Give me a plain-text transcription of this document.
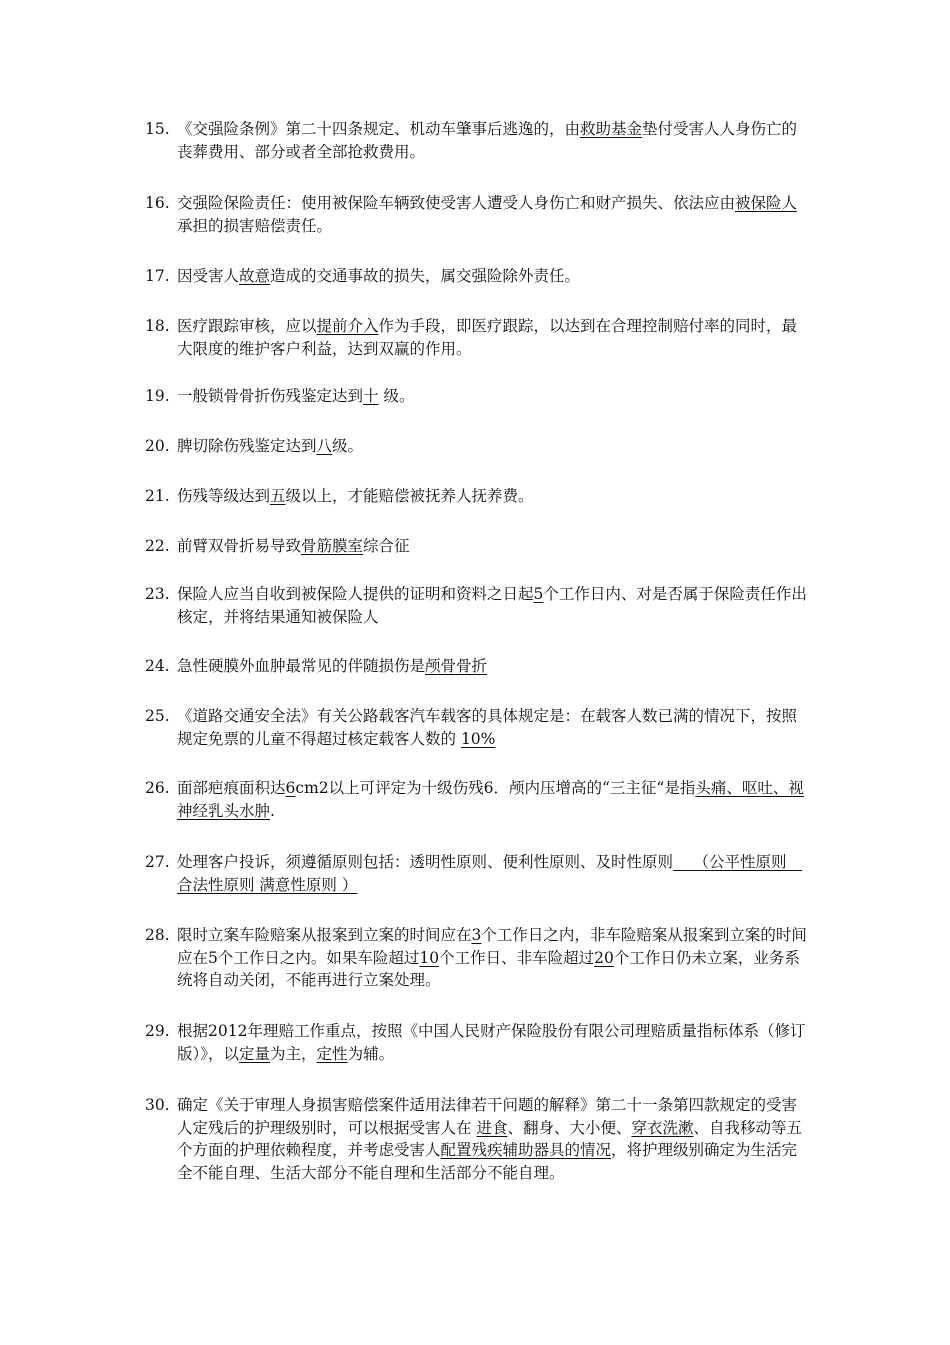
15. 《交强险条例》第二十四条规定、机动车肇事后逃逸的，由救助基金垫付受害人人身伤亡的丧葬费用、部分或者全部抢救费用。
16. 交强险保险责任：使用被保险车辆致使受害人遭受人身伤亡和财产损失、依法应由被保险人承担的损害赔偿责任。
17. 因受害人故意造成的交通事故的损失，属交强险除外责任。
18. 医疗跟踪审核，应以提前介入作为手段，即医疗跟踪，以达到在合理控制赔付率的同时，最大限度的维护客户利益，达到双赢的作用。
19. 一般锁骨骨折伤残鉴定达到十 级。
20. 脾切除伤残鉴定达到八级。
21. 伤残等级达到五级以上，才能赔偿被抚养人抚养费。
22. 前臂双骨折易导致骨筋膜室综合征
23. 保险人应当自收到被保险人提供的证明和资料之日起5个工作日内、对是否属于保险责任作出核定，并将结果通知被保险人
24. 急性硬膜外血肿最常见的伴随损伤是颅骨骨折
25. 《道路交通安全法》有关公路载客汽车载客的具体规定是：在载客人数已满的情况下，按照规定免票的儿童不得超过核定载客人数的 10%
26. 面部疤痕面积达6cm2以上可评定为十级伤残6．颅内压增高的“三主征“是指头痛、呕吐、视神经乳头水肿.
27. 处理客户投诉，须遵循原则包括：透明性原则、便利性原则、及时性原则　 （公平性原则　合法性原则 满意性原则 ）
28. 限时立案车险赔案从报案到立案的时间应在3个工作日之内，非车险赔案从报案到立案的时间应在5个工作日之内。如果车险超过10个工作日、非车险超过20个工作日仍未立案，业务系统将自动关闭，不能再进行立案处理。
29. 根据2012年理赔工作重点，按照《中国人民财产保险股份有限公司理赔质量指标体系（修订版）》，以定量为主，定性为辅。
30. 确定《关于审理人身损害赔偿案件适用法律若干问题的解释》第二十一条第四款规定的受害人定残后的护理级别时，可以根据受害人在 进食、翻身、大小便、穿衣洗漱、自我移动等五个方面的护理依赖程度，并考虑受害人配置残疾辅助器具的情况，将护理级别确定为生活完全不能自理、生活大部分不能自理和生活部分不能自理。
